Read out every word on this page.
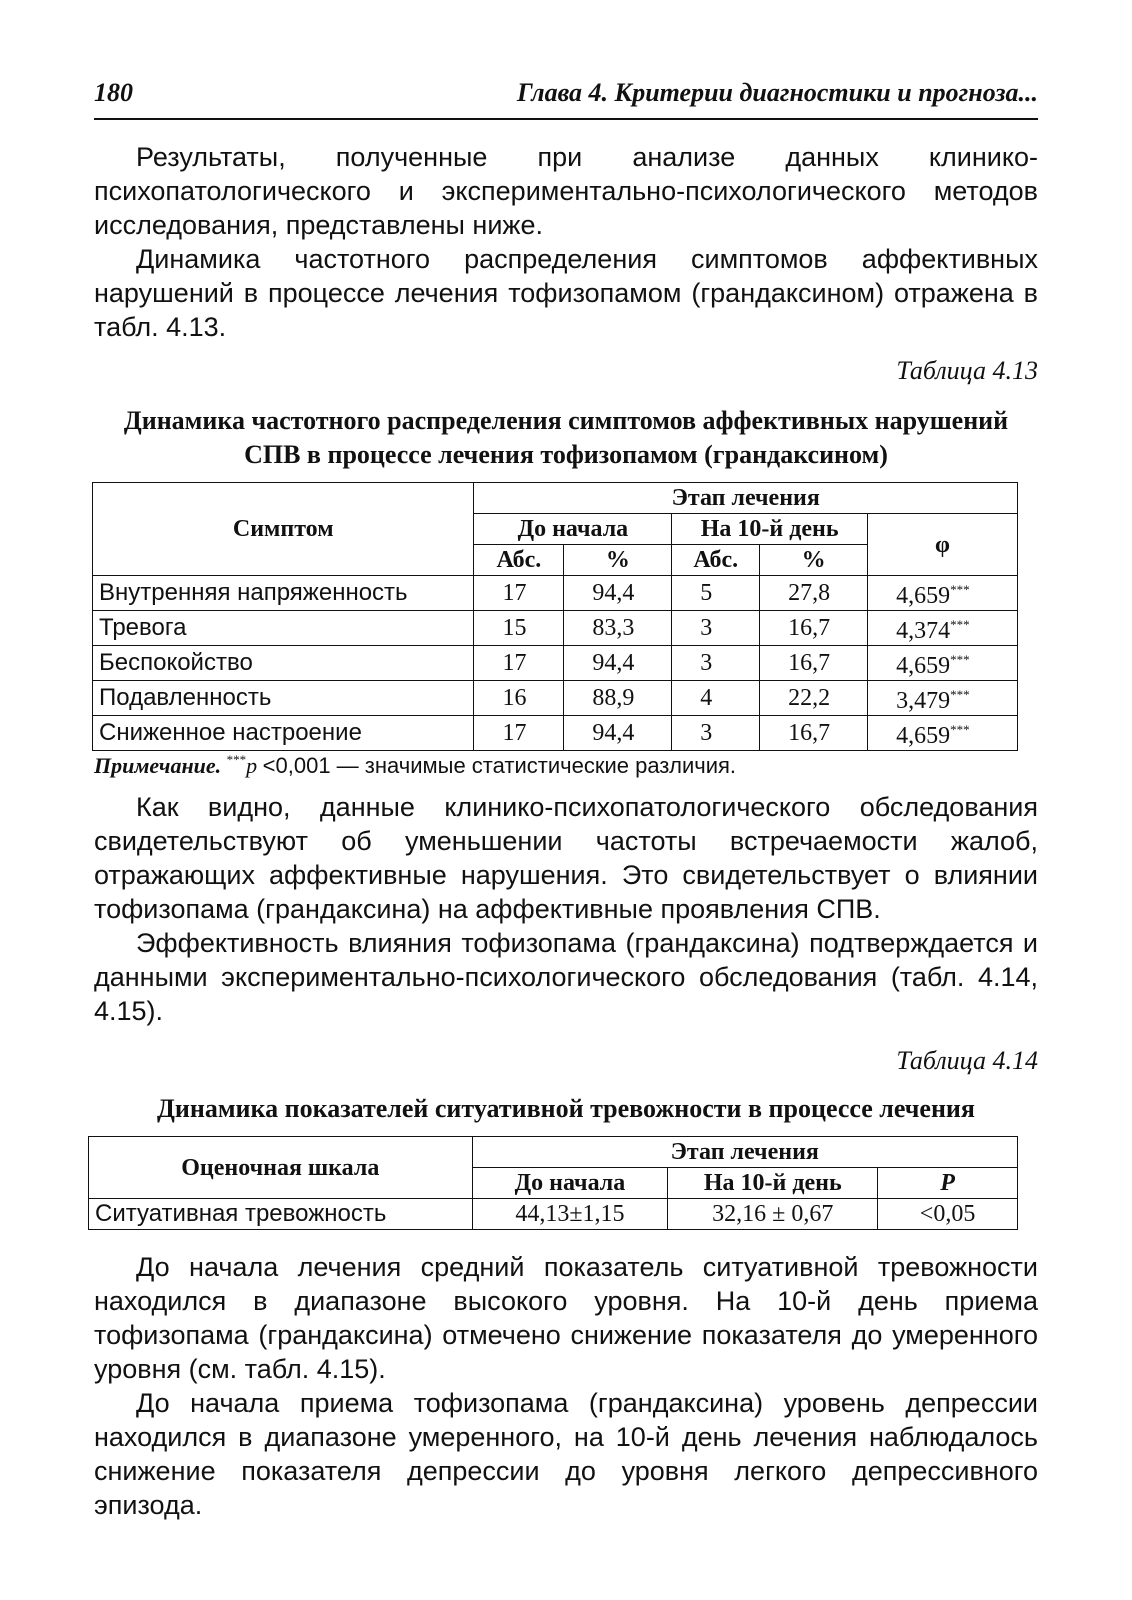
180	Глава 4. Критерии диагностики и прогноза...

Результаты, полученные при анализе данных клинико-психопатологического и экспериментально-психологического методов исследования, представлены ниже.

Динамика частотного распределения симптомов аффективных нарушений в процессе лечения тофизопамом (грандаксином) отражена в табл. 4.13.

Таблица 4.13
Динамика частотного распределения симптомов аффективных нарушений
СПВ в процессе лечения тофизопамом (грандаксином)
Симптом	Этап лечения				
	До начала		На 10-й день		φ
	Абс.	%	Абс.	%	
Внутренняя напряженность	17	94,4	5	27,8	4,659***
Тревога	15	83,3	3	16,7	4,374***
Беспокойство	17	94,4	3	16,7	4,659***
Подавленность	16	88,9	4	22,2	3,479***
Сниженное настроение	17	94,4	3	16,7	4,659***
Примечание. ***p <0,001 — значимые статистические различия.

Как видно, данные клинико-психопатологического обследования свидетельствуют об уменьшении частоты встречаемости жалоб, отражающих аффективные нарушения. Это свидетельствует о влиянии тофизопама (грандаксина) на аффективные проявления СПВ.

Эффективность влияния тофизопама (грандаксина) подтверждается и данными экспериментально-психологического обследования (табл. 4.14, 4.15).

Таблица 4.14
Динамика показателей ситуативной тревожности в процессе лечения
Оценочная шкала	Этап лечения		
	До начала	На 10-й день	P
Ситуативная тревожность	44,13±1,15	32,16 ± 0,67	<0,05

До начала лечения средний показатель ситуативной тревожности находился в диапазоне высокого уровня. На 10-й день приема тофизопама (грандаксина) отмечено снижение показателя до умеренного уровня (см. табл. 4.15).

До начала приема тофизопама (грандаксина) уровень депрессии находился в диапазоне умеренного, на 10-й день лечения наблюдалось снижение показателя депрессии до уровня легкого депрессивного эпизода.
